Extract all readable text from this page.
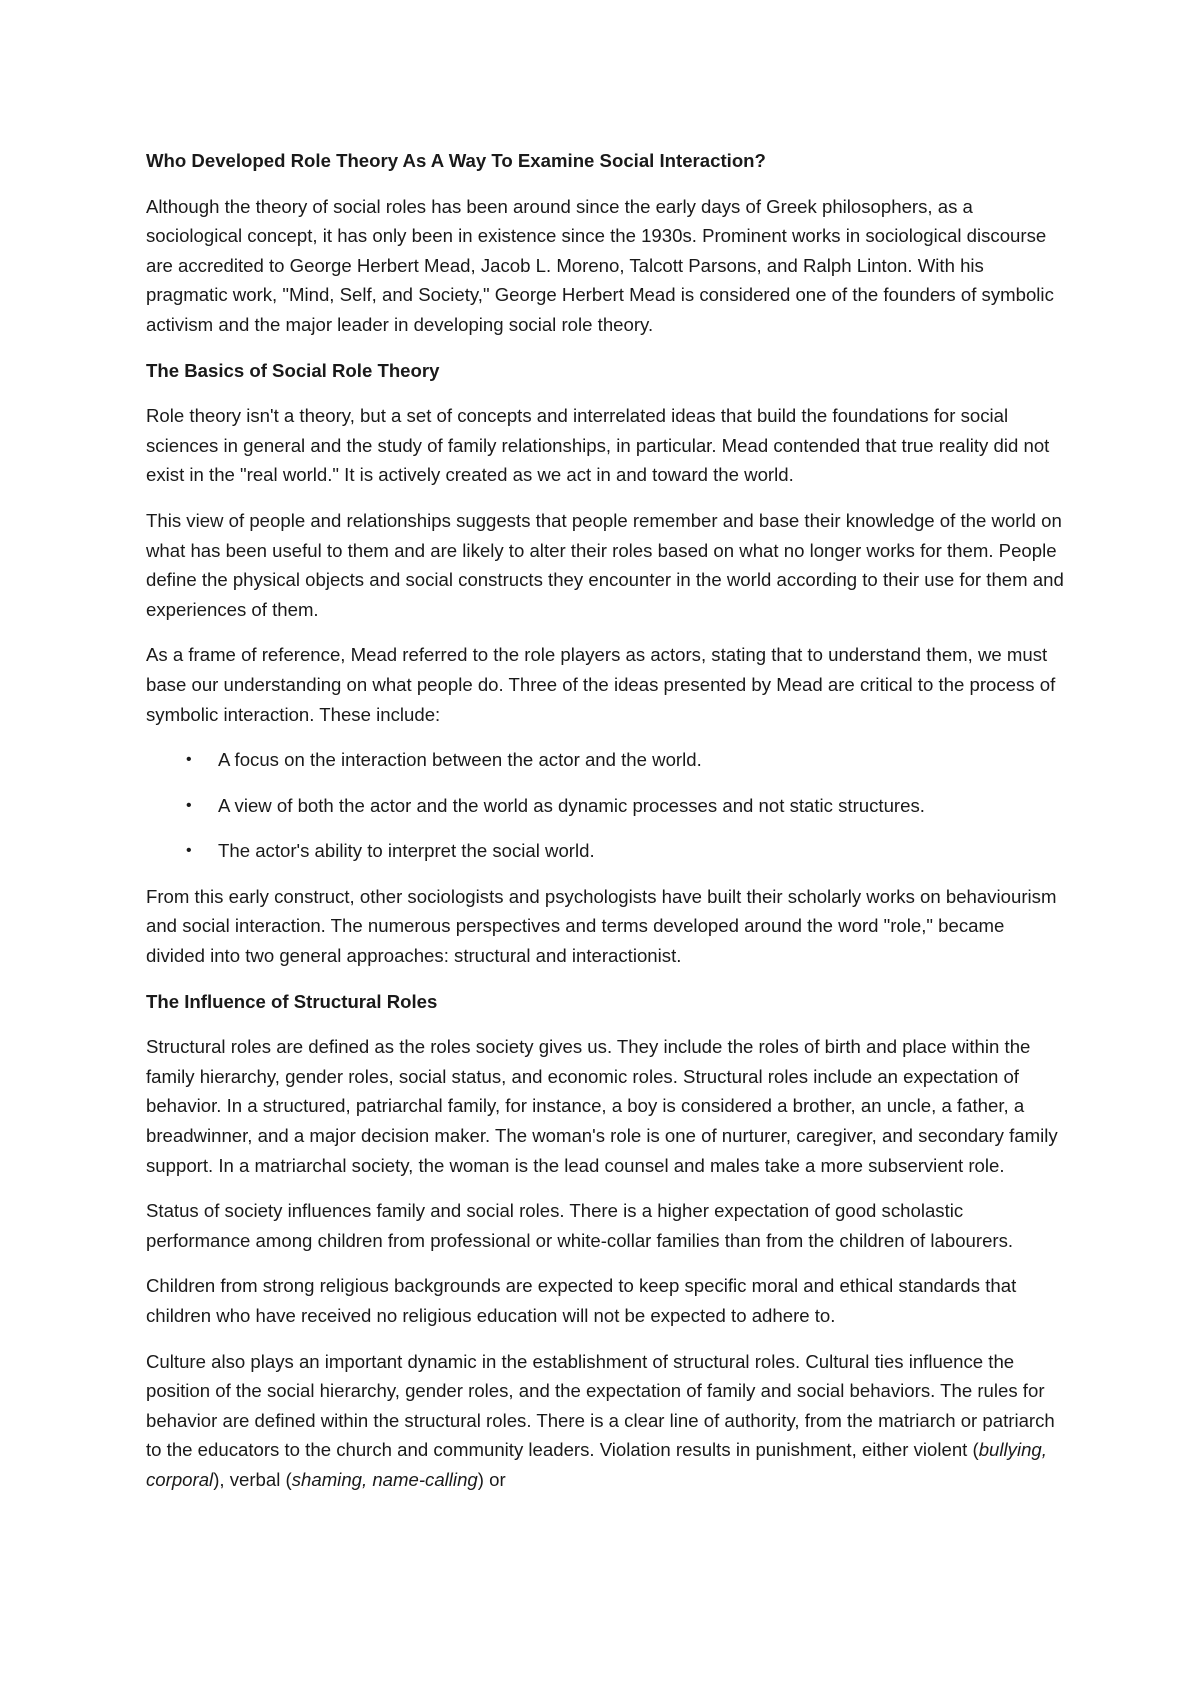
Who Developed Role Theory As A Way To Examine Social Interaction?

Although the theory of social roles has been around since the early days of Greek philosophers, as a sociological concept, it has only been in existence since the 1930s. Prominent works in sociological discourse are accredited to George Herbert Mead, Jacob L. Moreno, Talcott Parsons, and Ralph Linton. With his pragmatic work, "Mind, Self, and Society," George Herbert Mead is considered one of the founders of symbolic activism and the major leader in developing social role theory.

The Basics of Social Role Theory

Role theory isn't a theory, but a set of concepts and interrelated ideas that build the foundations for social sciences in general and the study of family relationships, in particular. Mead contended that true reality did not exist in the "real world." It is actively created as we act in and toward the world.

This view of people and relationships suggests that people remember and base their knowledge of the world on what has been useful to them and are likely to alter their roles based on what no longer works for them. People define the physical objects and social constructs they encounter in the world according to their use for them and experiences of them.

As a frame of reference, Mead referred to the role players as actors, stating that to understand them, we must base our understanding on what people do. Three of the ideas presented by Mead are critical to the process of symbolic interaction. These include:

• A focus on the interaction between the actor and the world.
• A view of both the actor and the world as dynamic processes and not static structures.
• The actor's ability to interpret the social world.

From this early construct, other sociologists and psychologists have built their scholarly works on behaviourism and social interaction. The numerous perspectives and terms developed around the word "role," became divided into two general approaches: structural and interactionist.

The Influence of Structural Roles

Structural roles are defined as the roles society gives us. They include the roles of birth and place within the family hierarchy, gender roles, social status, and economic roles. Structural roles include an expectation of behavior. In a structured, patriarchal family, for instance, a boy is considered a brother, an uncle, a father, a breadwinner, and a major decision maker. The woman's role is one of nurturer, caregiver, and secondary family support. In a matriarchal society, the woman is the lead counsel and males take a more subservient role.

Status of society influences family and social roles. There is a higher expectation of good scholastic performance among children from professional or white-collar families than from the children of labourers.

Children from strong religious backgrounds are expected to keep specific moral and ethical standards that children who have received no religious education will not be expected to adhere to.

Culture also plays an important dynamic in the establishment of structural roles. Cultural ties influence the position of the social hierarchy, gender roles, and the expectation of family and social behaviors. The rules for behavior are defined within the structural roles. There is a clear line of authority, from the matriarch or patriarch to the educators to the church and community leaders. Violation results in punishment, either violent (bullying, corporal), verbal (shaming, name-calling) or
